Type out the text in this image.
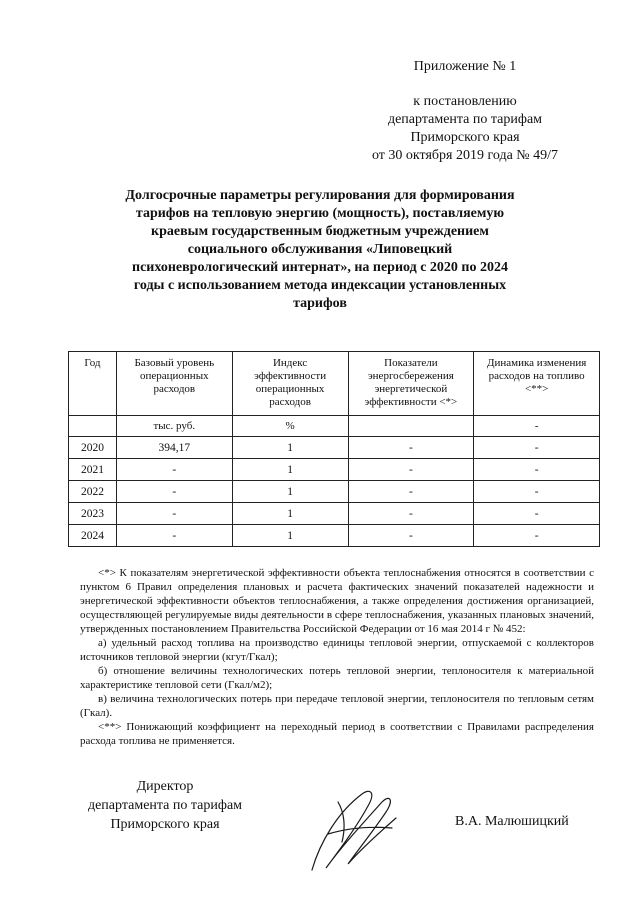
Приложение № 1
к постановлению
департамента по тарифам
Приморского края
от 30 октября 2019 года № 49/7
Долгосрочные параметры регулирования для формирования тарифов на тепловую энергию (мощность), поставляемую краевым государственным бюджетным учреждением социального обслуживания «Липовецкий психоневрологический интернат», на период с 2020 по 2024 годы с использованием метода индексации установленных тарифов
Год	Базовый уровень операционных расходов	Индекс эффективности операционных расходов	Показатели энергосбережения энергетической эффективности <*>	Динамика изменения расходов на топливо <**>
	тыс. руб.	%		-
2020	394,17	1	-	-
2021	-	1	-	-
2022	-	1	-	-
2023	-	1	-	-
2024	-	1	-	-

<*> К показателям энергетической эффективности объекта теплоснабжения относятся в соответствии с пунктом 6 Правил определения плановых и расчета фактических значений показателей надежности и энергетической эффективности объектов теплоснабжения, а также определения достижения организацией, осуществляющей регулируемые виды деятельности в сфере теплоснабжения, указанных плановых значений, утвержденных постановлением Правительства Российской Федерации от 16 мая 2014 г № 452:

а) удельный расход топлива на производство единицы тепловой энергии, отпускаемой с коллекторов источников тепловой энергии (кгут/Гкал);

б) отношение величины технологических потерь тепловой энергии, теплоносителя к материальной характеристике тепловой сети (Гкал/м2);

в) величина технологических потерь при передаче тепловой энергии, теплоносителя по тепловым сетям (Гкал).

<**> Понижающий коэффициент на переходный период в соответствии с Правилами распределения расхода топлива не применяется.

Директор
департамента по тарифам
Приморского края	В.А. Малюшицкий
